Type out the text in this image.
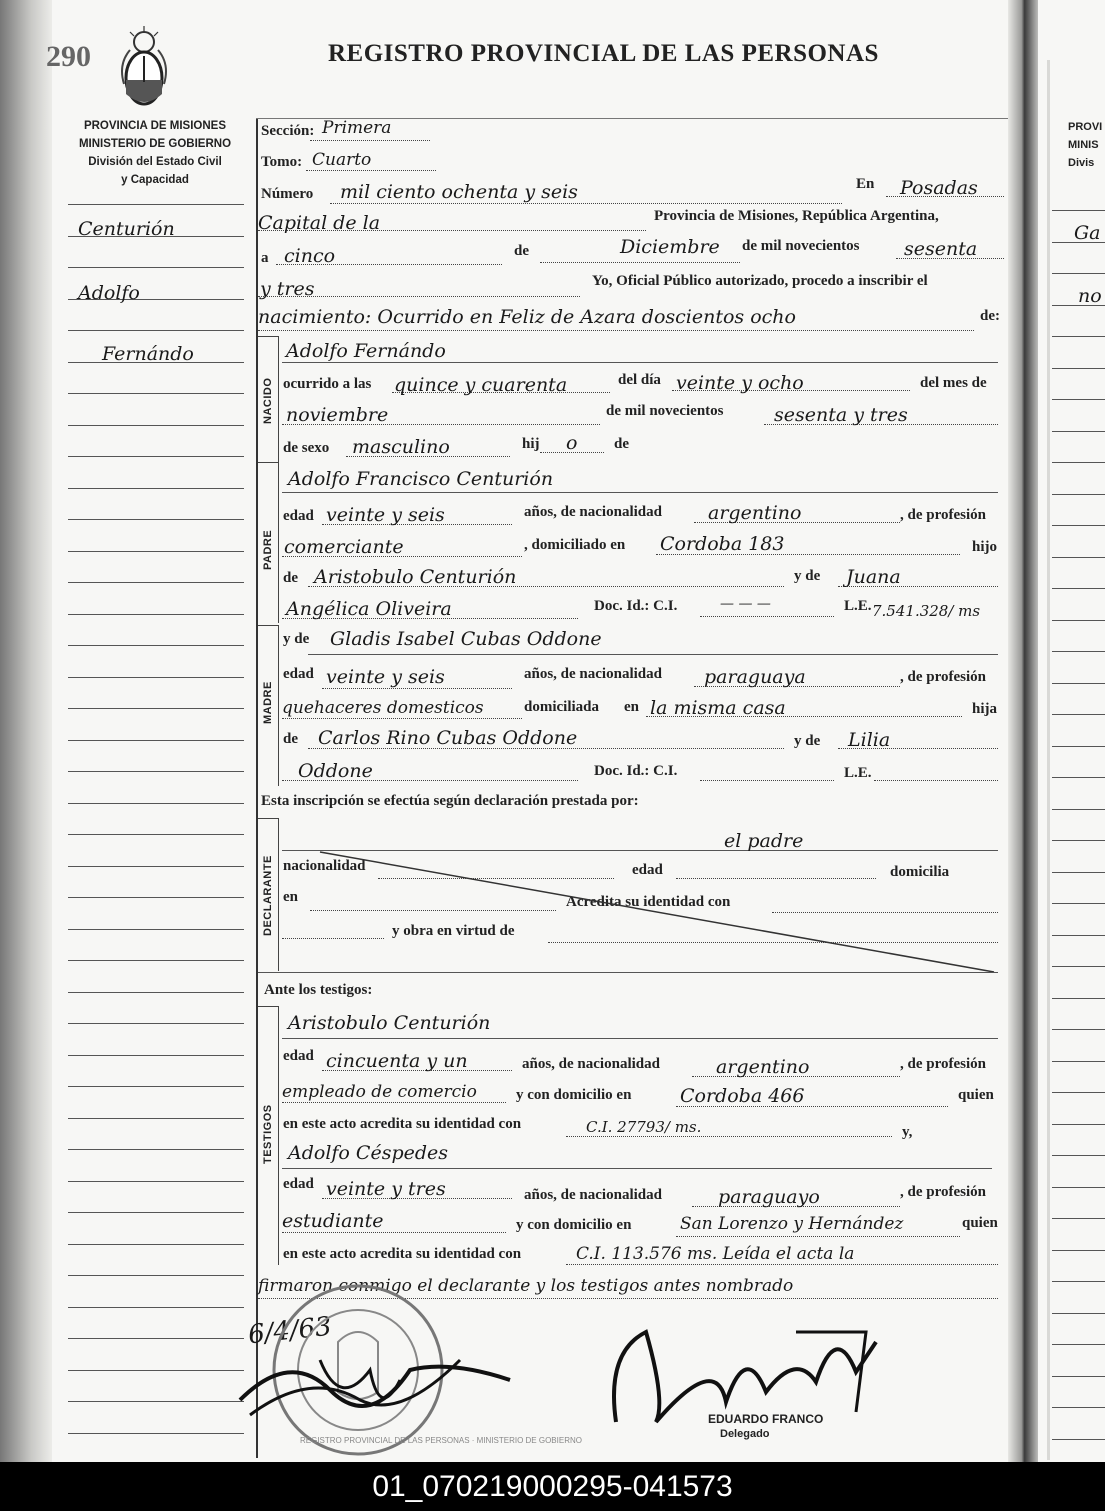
290	REGISTRO PROVINCIAL DE LAS PERSONAS
PROVINCIA DE MISIONES
MINISTERIO DE GOBIERNO
División del Estado Civil
y Capacidad
PROVI
MINIS
Divis
Ga
no
Centurión
Adolfo
Fernándo
Sección: Primera
Tomo: Cuarto
Número mil ciento ochenta y seis	En Posadas
Capital de la	Provincia de Misiones, República Argentina,
a cinco	de	Diciembre de mil novecientos sesenta
y tres	Yo, Oficial Público autorizado, procedo a inscribir el
nacimiento: Ocurrido en Feliz de Azara doscientos ocho	de:
NACIDO
Adolfo Fernándo
ocurrido a las quince y cuarenta	del día veinte y ocho	del mes de
noviembre	de mil novecientos	sesenta y tres
de sexo masculino	hij o de
PADRE
Adolfo Francisco Centurión
edad veinte y seis	años, de nacionalidad argentino	, de profesión
comerciante	, domiciliado en Cordoba 183	hijo
de Aristobulo Centurión	y de Juana
Angélica Oliveira	Doc. Id.: C.I.	— — —	L.E. 7.541.328/ ms
MADRE
y de Gladis Isabel Cubas Oddone
edad veinte y seis	años, de nacionalidad paraguaya	, de profesión
quehaceres domesticos	domiciliada en la misma casa	hija
de Carlos Rino Cubas Oddone	y de Lilia
Oddone	Doc. Id.: C.I.	L.E.
Esta inscripción se efectúa según declaración prestada por:
DECLARANTE
el padre
nacionalidad	edad	domicilia
en	Acredita su identidad con
y obra en virtud de
Ante los testigos:
TESTIGOS
Aristobulo Centurión
edad cincuenta y un	años, de nacionalidad	argentino	, de profesión
empleado de comercio	y con domicilio en	Cordoba 466	quien
en este acto acredita su identidad con	C.I. 27793/ ms.	y,
Adolfo Céspedes
edad veinte y tres	años, de nacionalidad	paraguayo	, de profesión
estudiante	y con domicilio en	San Lorenzo y Hernández	quien
en este acto acredita su identidad con	C.I. 113.576 ms. Leída el acta la
firmaron conmigo el declarante y los testigos antes nombrado
6/4/63
REGISTRO PROVINCIAL DE LAS PERSONAS · MINISTERIO DE GOBIERNO
EDUARDO FRANCO
Delegado
01_070219000295-041573
